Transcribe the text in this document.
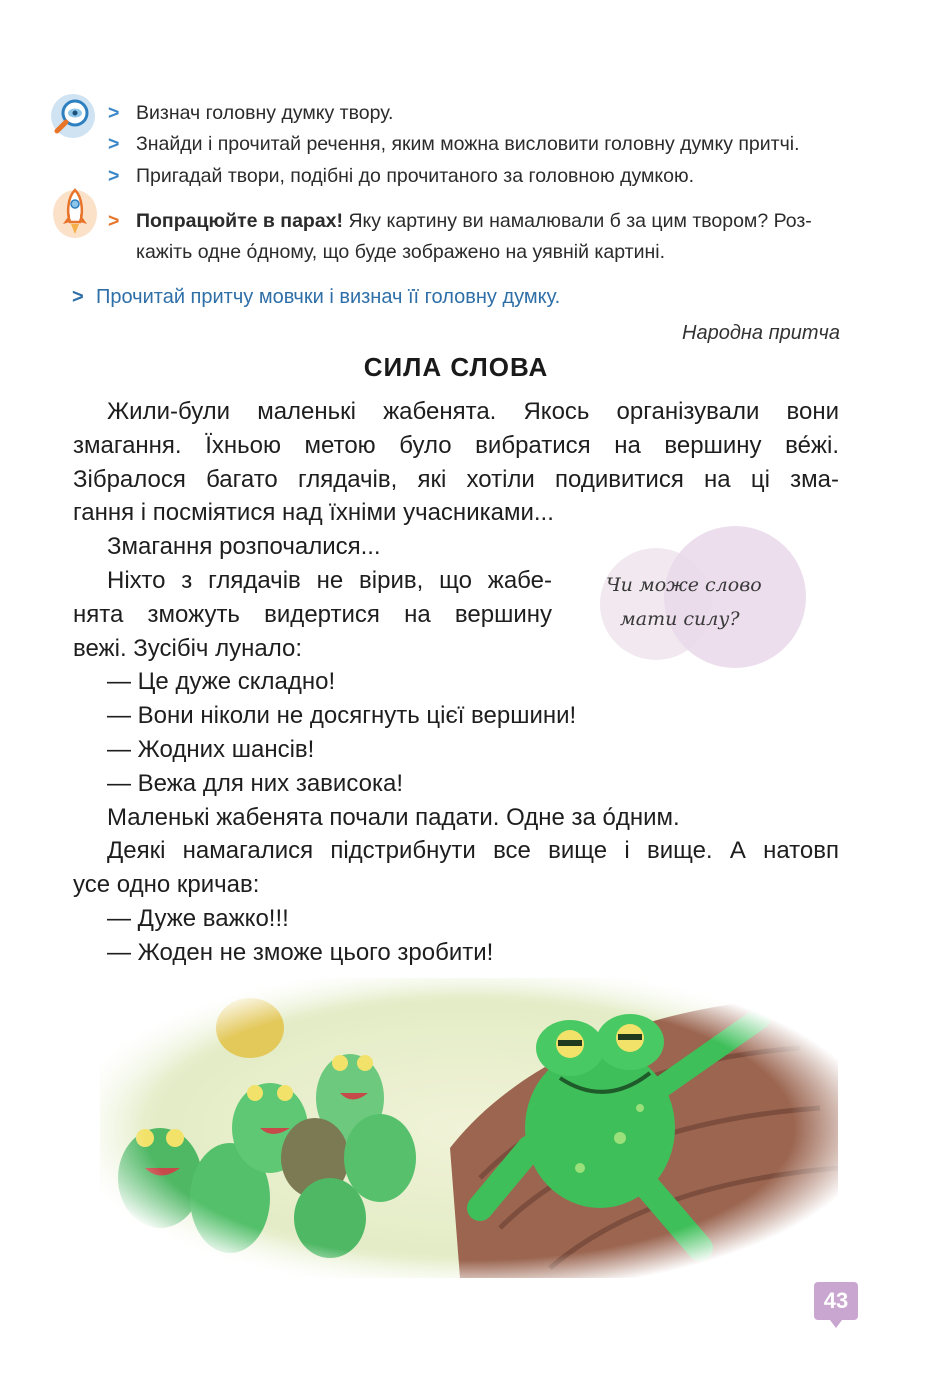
> Визнач головну думку твору.
> Знайди і прочитай речення, яким можна висловити головну думку притчі.
> Пригадай твори, подібні до прочитаного за головною думкою.
> Попрацюйте в парах! Яку картину ви намалювали б за цим твором? Роз-
кажіть одне о́дному, що буде зображено на уявній картині.
> Прочитай притчу мовчки і визнач її головну думку.
Народна притча
СИЛА СЛОВА
Чи може слово
мати силу?
Жили-були маленькі жабенята. Якось організували вони
змагання. Їхньою метою було вибратися на вершину ве́жі.
Зібралося багато глядачів, які хотіли подивитися на ці зма-
гання і посміятися над їхніми учасниками...
Змагання розпочалися...
Ніхто з глядачів не вірив, що жабе-
нята зможуть видертися на вершину
вежі. Зусібіч лунало:
— Це дуже складно!
— Вони ніколи не досягнуть цієї вершини!
— Жодних шансів!
— Вежа для них зависока!
Маленькі жабенята почали падати. Одне за о́дним.
Деякі намагалися підстрибнути все вище і вище. А натовп
усе одно кричав:
— Дуже важко!!!
— Жоден не зможе цього зробити!
43
